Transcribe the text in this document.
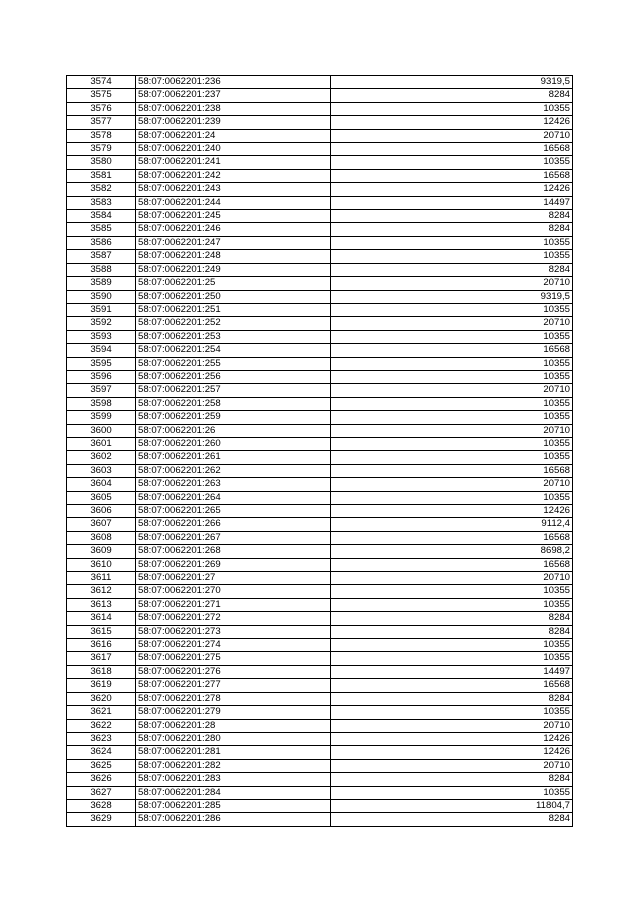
3574	58:07:0062201:236	9319,5
3575	58:07:0062201:237	8284
3576	58:07:0062201:238	10355
3577	58:07:0062201:239	12426
3578	58:07:0062201:24	20710
3579	58:07:0062201:240	16568
3580	58:07:0062201:241	10355
3581	58:07:0062201:242	16568
3582	58:07:0062201:243	12426
3583	58:07:0062201:244	14497
3584	58:07:0062201:245	8284
3585	58:07:0062201:246	8284
3586	58:07:0062201:247	10355
3587	58:07:0062201:248	10355
3588	58:07:0062201:249	8284
3589	58:07:0062201:25	20710
3590	58:07:0062201:250	9319,5
3591	58:07:0062201:251	10355
3592	58:07:0062201:252	20710
3593	58:07:0062201:253	10355
3594	58:07:0062201:254	16568
3595	58:07:0062201:255	10355
3596	58:07:0062201:256	10355
3597	58:07:0062201:257	20710
3598	58:07:0062201:258	10355
3599	58:07:0062201:259	10355
3600	58:07:0062201:26	20710
3601	58:07:0062201:260	10355
3602	58:07:0062201:261	10355
3603	58:07:0062201:262	16568
3604	58:07:0062201:263	20710
3605	58:07:0062201:264	10355
3606	58:07:0062201:265	12426
3607	58:07:0062201:266	9112,4
3608	58:07:0062201:267	16568
3609	58:07:0062201:268	8698,2
3610	58:07:0062201:269	16568
3611	58:07:0062201:27	20710
3612	58:07:0062201:270	10355
3613	58:07:0062201:271	10355
3614	58:07:0062201:272	8284
3615	58:07:0062201:273	8284
3616	58:07:0062201:274	10355
3617	58:07:0062201:275	10355
3618	58:07:0062201:276	14497
3619	58:07:0062201:277	16568
3620	58:07:0062201:278	8284
3621	58:07:0062201:279	10355
3622	58:07:0062201:28	20710
3623	58:07:0062201:280	12426
3624	58:07:0062201:281	12426
3625	58:07:0062201:282	20710
3626	58:07:0062201:283	8284
3627	58:07:0062201:284	10355
3628	58:07:0062201:285	11804,7
3629	58:07:0062201:286	8284
